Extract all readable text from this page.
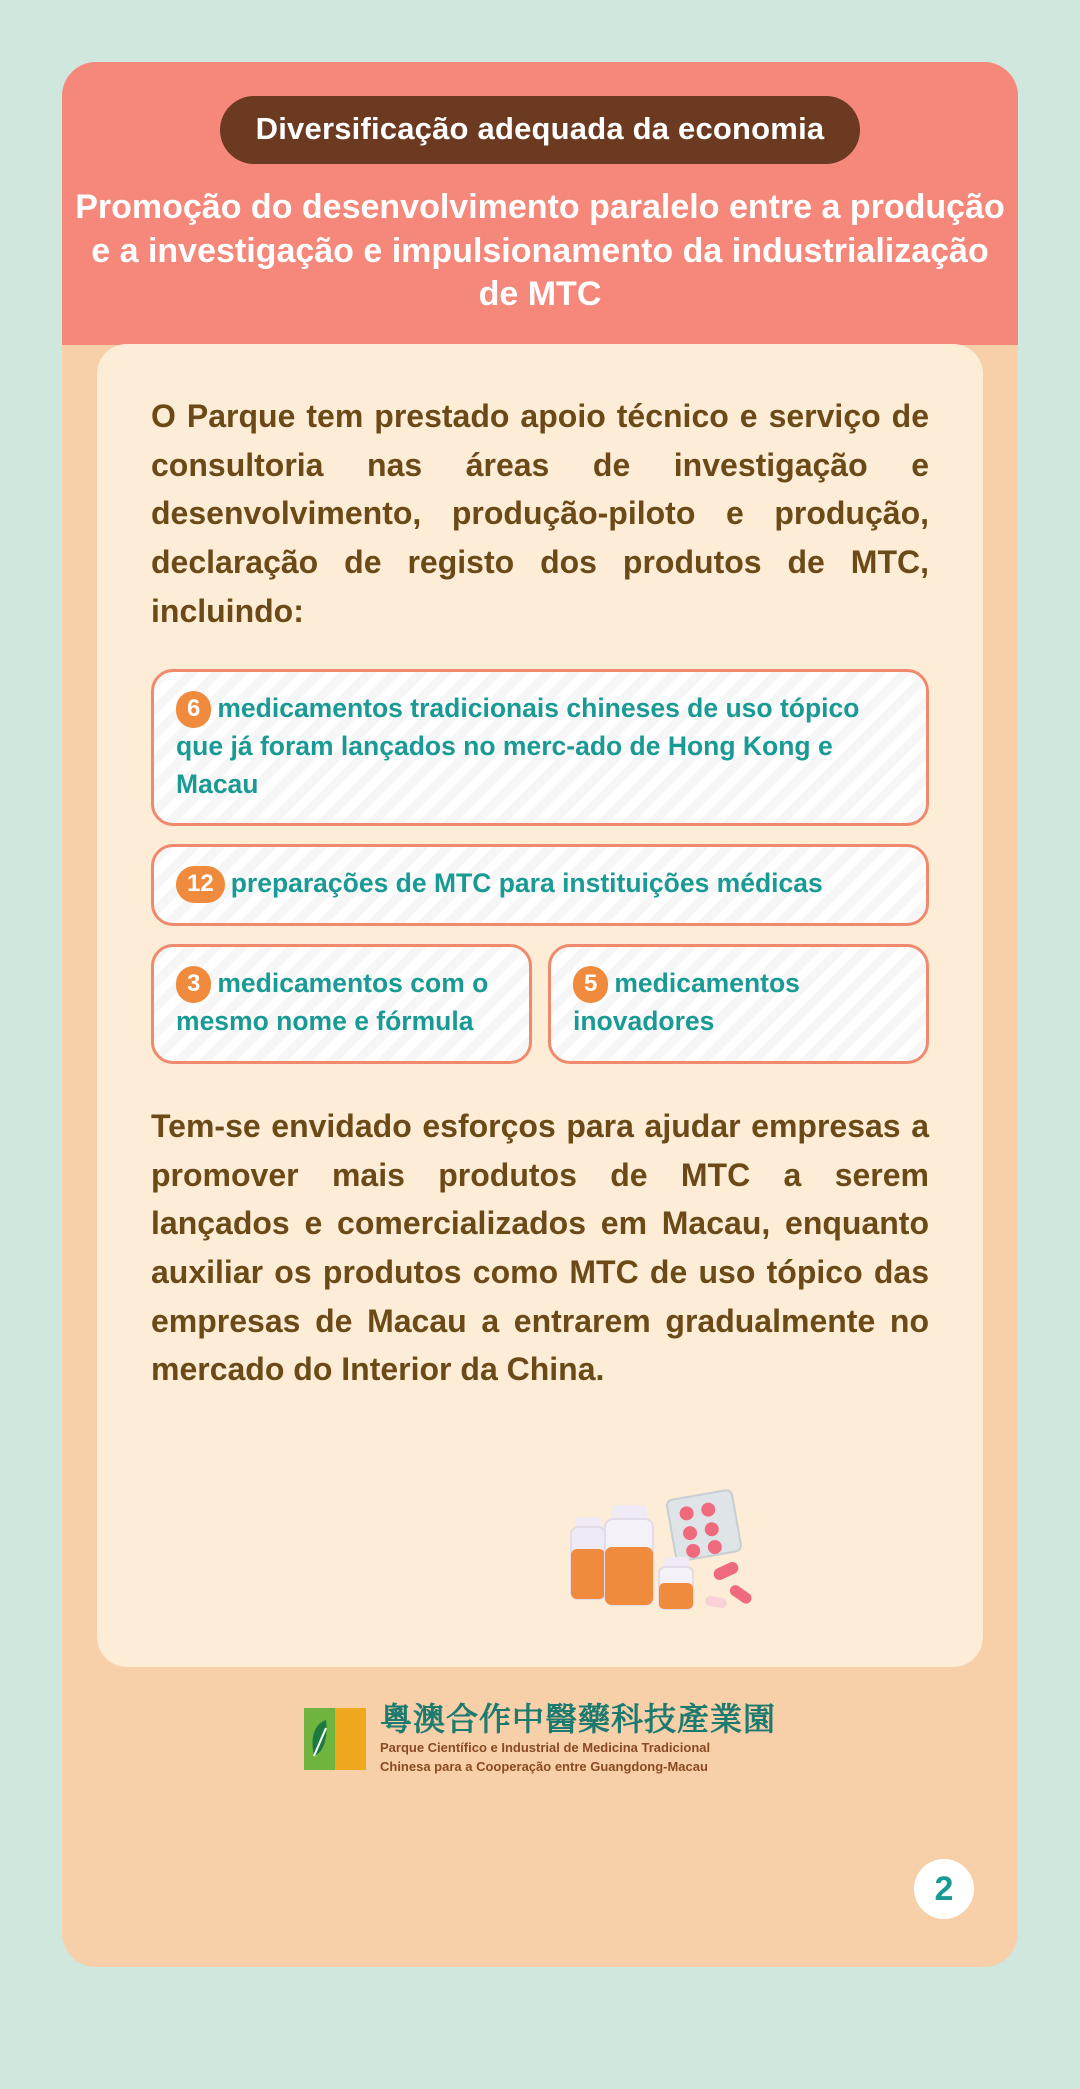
Diversificação adequada da economia
Promoção do desenvolvimento paralelo entre a produção e a investigação e impulsionamento da industrialização de MTC
O Parque tem prestado apoio técnico e serviço de consultoria nas áreas de investigação e desenvolvimento, produção-piloto e produção, declaração de registo dos produtos de MTC, incluindo:
6 medicamentos tradicionais chineses de uso tópico que já foram lançados no merc-ado de Hong Kong e Macau
12 preparações de MTC para instituições médicas
3 medicamentos com o mesmo nome e fórmula
5 medicamentos inovadores
Tem-se envidado esforços para ajudar empresas a promover mais produtos de MTC a serem lançados e comercializados em Macau, enquanto auxiliar os produtos como MTC de uso tópico das empresas de Macau a entrarem gradualmente no mercado do Interior da China.
粵澳合作中醫藥科技產業園
Parque Científico e Industrial de Medicina Tradicional
Chinesa para a Cooperação entre Guangdong-Macau
2
